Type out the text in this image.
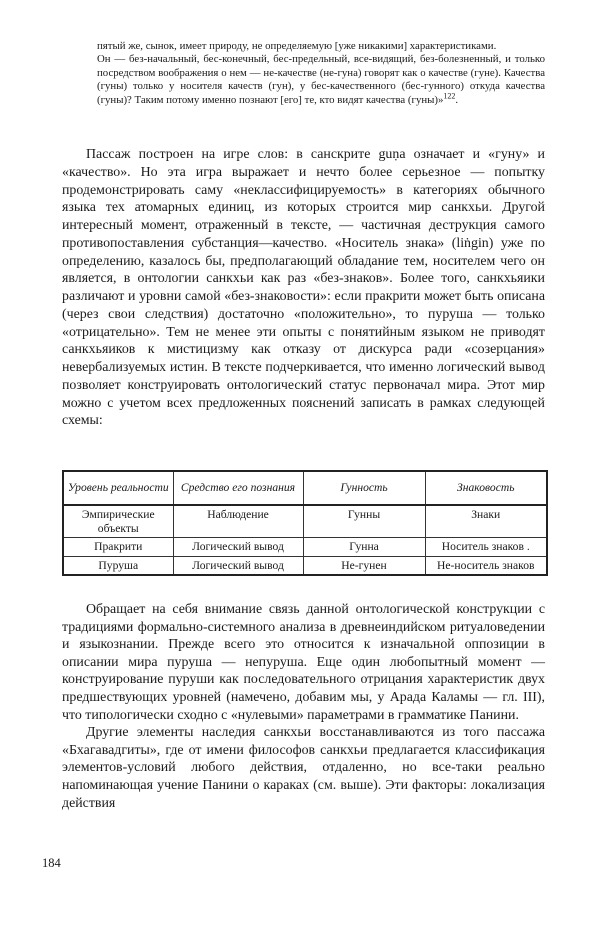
пятый же, сынок, имеет природу, не определяемую [уже никакими] характеристиками.

Он — без-начальный, бес-конечный, бес-предельный, все-видящий, без-болезненный, и только посредством воображения о нем — не-качестве (не-гуна) говорят как о качестве (гуне). Качества (гуны) только у носителя качеств (гун), у бес-качественного (бес-гунного) откуда качества (гуны)? Таким потому именно познают [его] те, кто видят качества (гуны)»$^{122}$.

Пассаж построен на игре слов: в санскрите guṇa означает и «гуну» и «качество». Но эта игра выражает и нечто более серьезное — попытку продемонстрировать саму «неклассифицируемость» в категориях обычного языка тех атомарных единиц, из которых строится мир санкхьи. Другой интересный момент, отраженный в тексте, — частичная деструкция самого противопоставления субстанция—качество. «Носитель знака» (liṅgin) уже по определению, казалось бы, предполагающий обладание тем, носителем чего он является, в онтологии санкхьи как раз «без-знаков». Более того, санкхьяики различают и уровни самой «без-знаковости»: если пракрити может быть описана (через свои следствия) достаточно «положительно», то пуруша — только «отрицательно». Тем не менее эти опыты с понятийным языком не приводят санкхьяиков к мистицизму как отказу от дискурса ради «созерцания» невербализуемых истин. В тексте подчеркивается, что именно логический вывод позволяет конструировать онтологический статус первоначал мира. Этот мир можно с учетом всех предложенных пояснений записать в рамках следующей схемы:

Уровень реальности	Средство его познания	Гунность	Знаковость
Эмпирические объекты	Наблюдение	Гунны	Знаки
Пракрити	Логический вывод	Гунна	Носитель знаков .
Пуруша	Логический вывод	Не-гунен	Не-носитель знаков

Обращает на себя внимание связь данной онтологической конструкции с традициями формально-системного анализа в древнеиндийском ритуаловедении и языкознании. Прежде всего это относится к изначальной оппозиции в описании мира пуруша — непуруша. Еще один любопытный момент — конструирование пуруши как последовательного отрицания характеристик двух предшествующих уровней (намечено, добавим мы, у Арада Каламы — гл. III), что типологически сходно с «нулевыми» параметрами в грамматике Панини.

Другие элементы наследия санкхьи восстанавливаются из того пассажа «Бхагавадгиты», где от имени философов санкхьи предлагается классификация элементов-условий любого действия, отдаленно, но все-таки реально напоминающая учение Панини о караках (см. выше). Эти факторы: локализация действия

184
